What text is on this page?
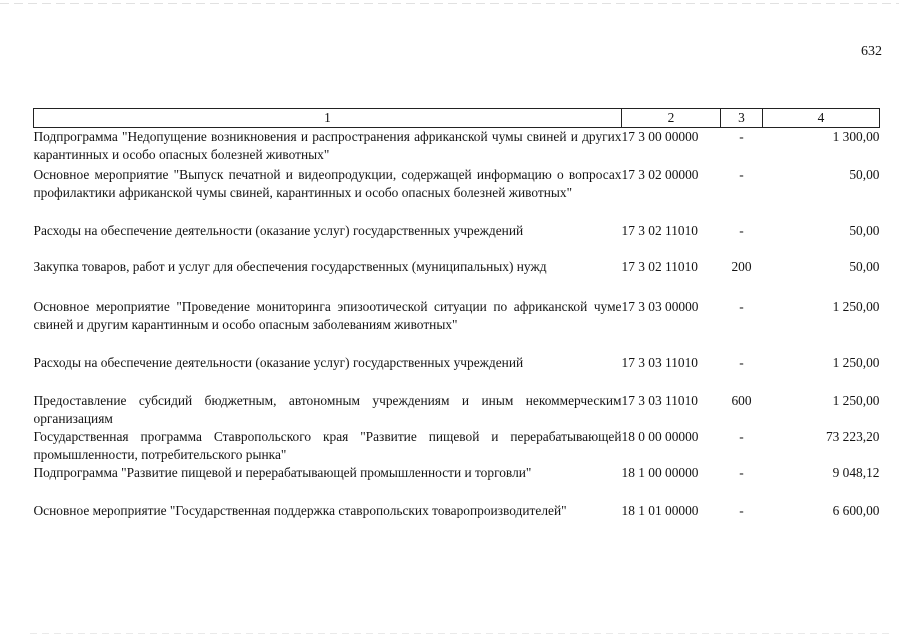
632
1	2	3	4
Подпрограмма "Недопущение возникновения и распространения африканской чумы свиней и других карантинных и особо опасных болезней животных"	17 3 00 00000	-	1 300,00
Основное мероприятие "Выпуск печатной и видеопродукции, содержащей информацию о вопросах профилактики африканской чумы свиней, карантинных и особо опасных болезней животных"	17 3 02 00000	-	50,00
Расходы на обеспечение деятельности (оказание услуг) государственных учреждений	17 3 02 11010	-	50,00
Закупка товаров, работ и услуг для обеспечения государственных (муниципальных) нужд	17 3 02 11010	200	50,00
Основное мероприятие "Проведение мониторинга эпизоотической ситуации по африканской чуме свиней и другим карантинным и особо опасным заболеваниям животных"	17 3 03 00000	-	1 250,00
Расходы на обеспечение деятельности (оказание услуг) государственных учреждений	17 3 03 11010	-	1 250,00
Предоставление субсидий бюджетным, автономным учреждениям и иным некоммерческим организациям	17 3 03 11010	600	1 250,00
Государственная программа Ставропольского края "Развитие пищевой и перерабатывающей промышленности, потребительского рынка"	18 0 00 00000	-	73 223,20
Подпрограмма "Развитие пищевой и перерабатывающей промышленности и торговли"	18 1 00 00000	-	9 048,12
Основное мероприятие "Государственная поддержка ставропольских товаропроизводителей"	18 1 01 00000	-	6 600,00
